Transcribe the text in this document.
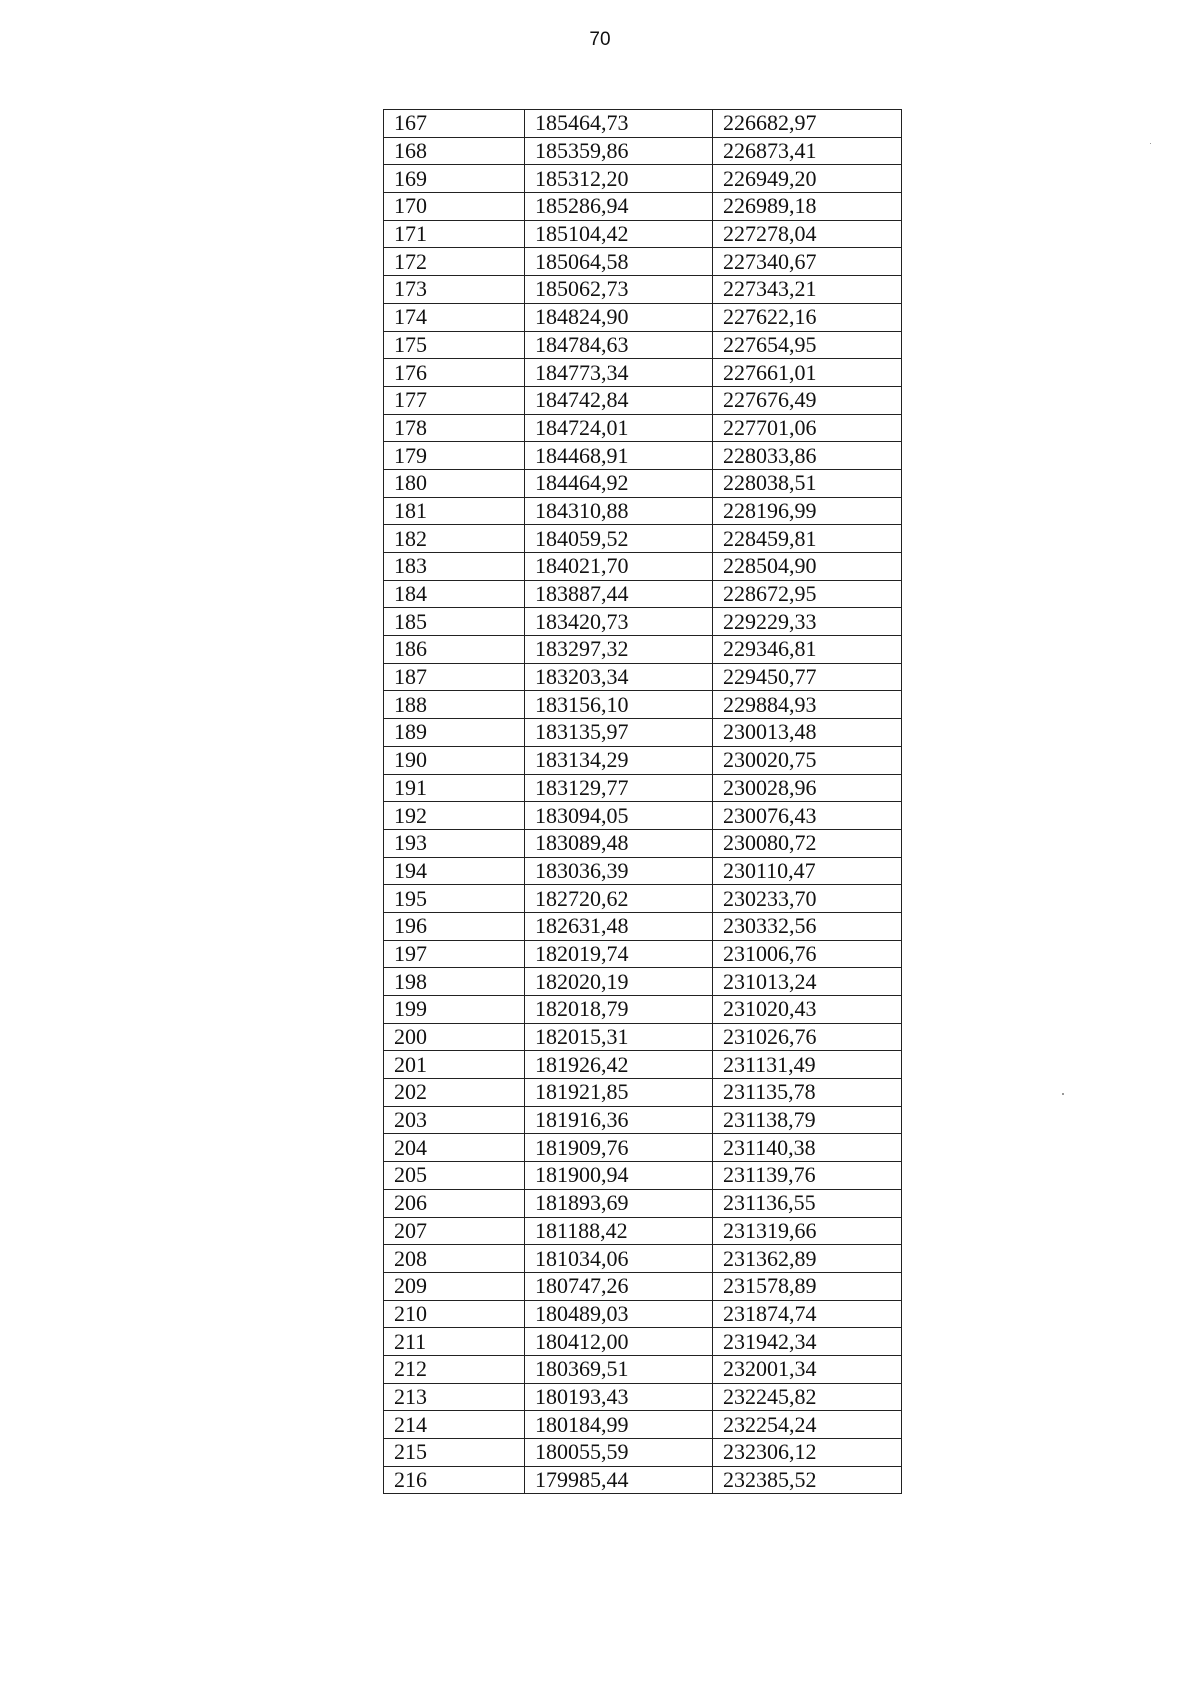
70
167	185464,73	226682,97
168	185359,86	226873,41
169	185312,20	226949,20
170	185286,94	226989,18
171	185104,42	227278,04
172	185064,58	227340,67
173	185062,73	227343,21
174	184824,90	227622,16
175	184784,63	227654,95
176	184773,34	227661,01
177	184742,84	227676,49
178	184724,01	227701,06
179	184468,91	228033,86
180	184464,92	228038,51
181	184310,88	228196,99
182	184059,52	228459,81
183	184021,70	228504,90
184	183887,44	228672,95
185	183420,73	229229,33
186	183297,32	229346,81
187	183203,34	229450,77
188	183156,10	229884,93
189	183135,97	230013,48
190	183134,29	230020,75
191	183129,77	230028,96
192	183094,05	230076,43
193	183089,48	230080,72
194	183036,39	230110,47
195	182720,62	230233,70
196	182631,48	230332,56
197	182019,74	231006,76
198	182020,19	231013,24
199	182018,79	231020,43
200	182015,31	231026,76
201	181926,42	231131,49
202	181921,85	231135,78
203	181916,36	231138,79
204	181909,76	231140,38
205	181900,94	231139,76
206	181893,69	231136,55
207	181188,42	231319,66
208	181034,06	231362,89
209	180747,26	231578,89
210	180489,03	231874,74
211	180412,00	231942,34
212	180369,51	232001,34
213	180193,43	232245,82
214	180184,99	232254,24
215	180055,59	232306,12
216	179985,44	232385,52
